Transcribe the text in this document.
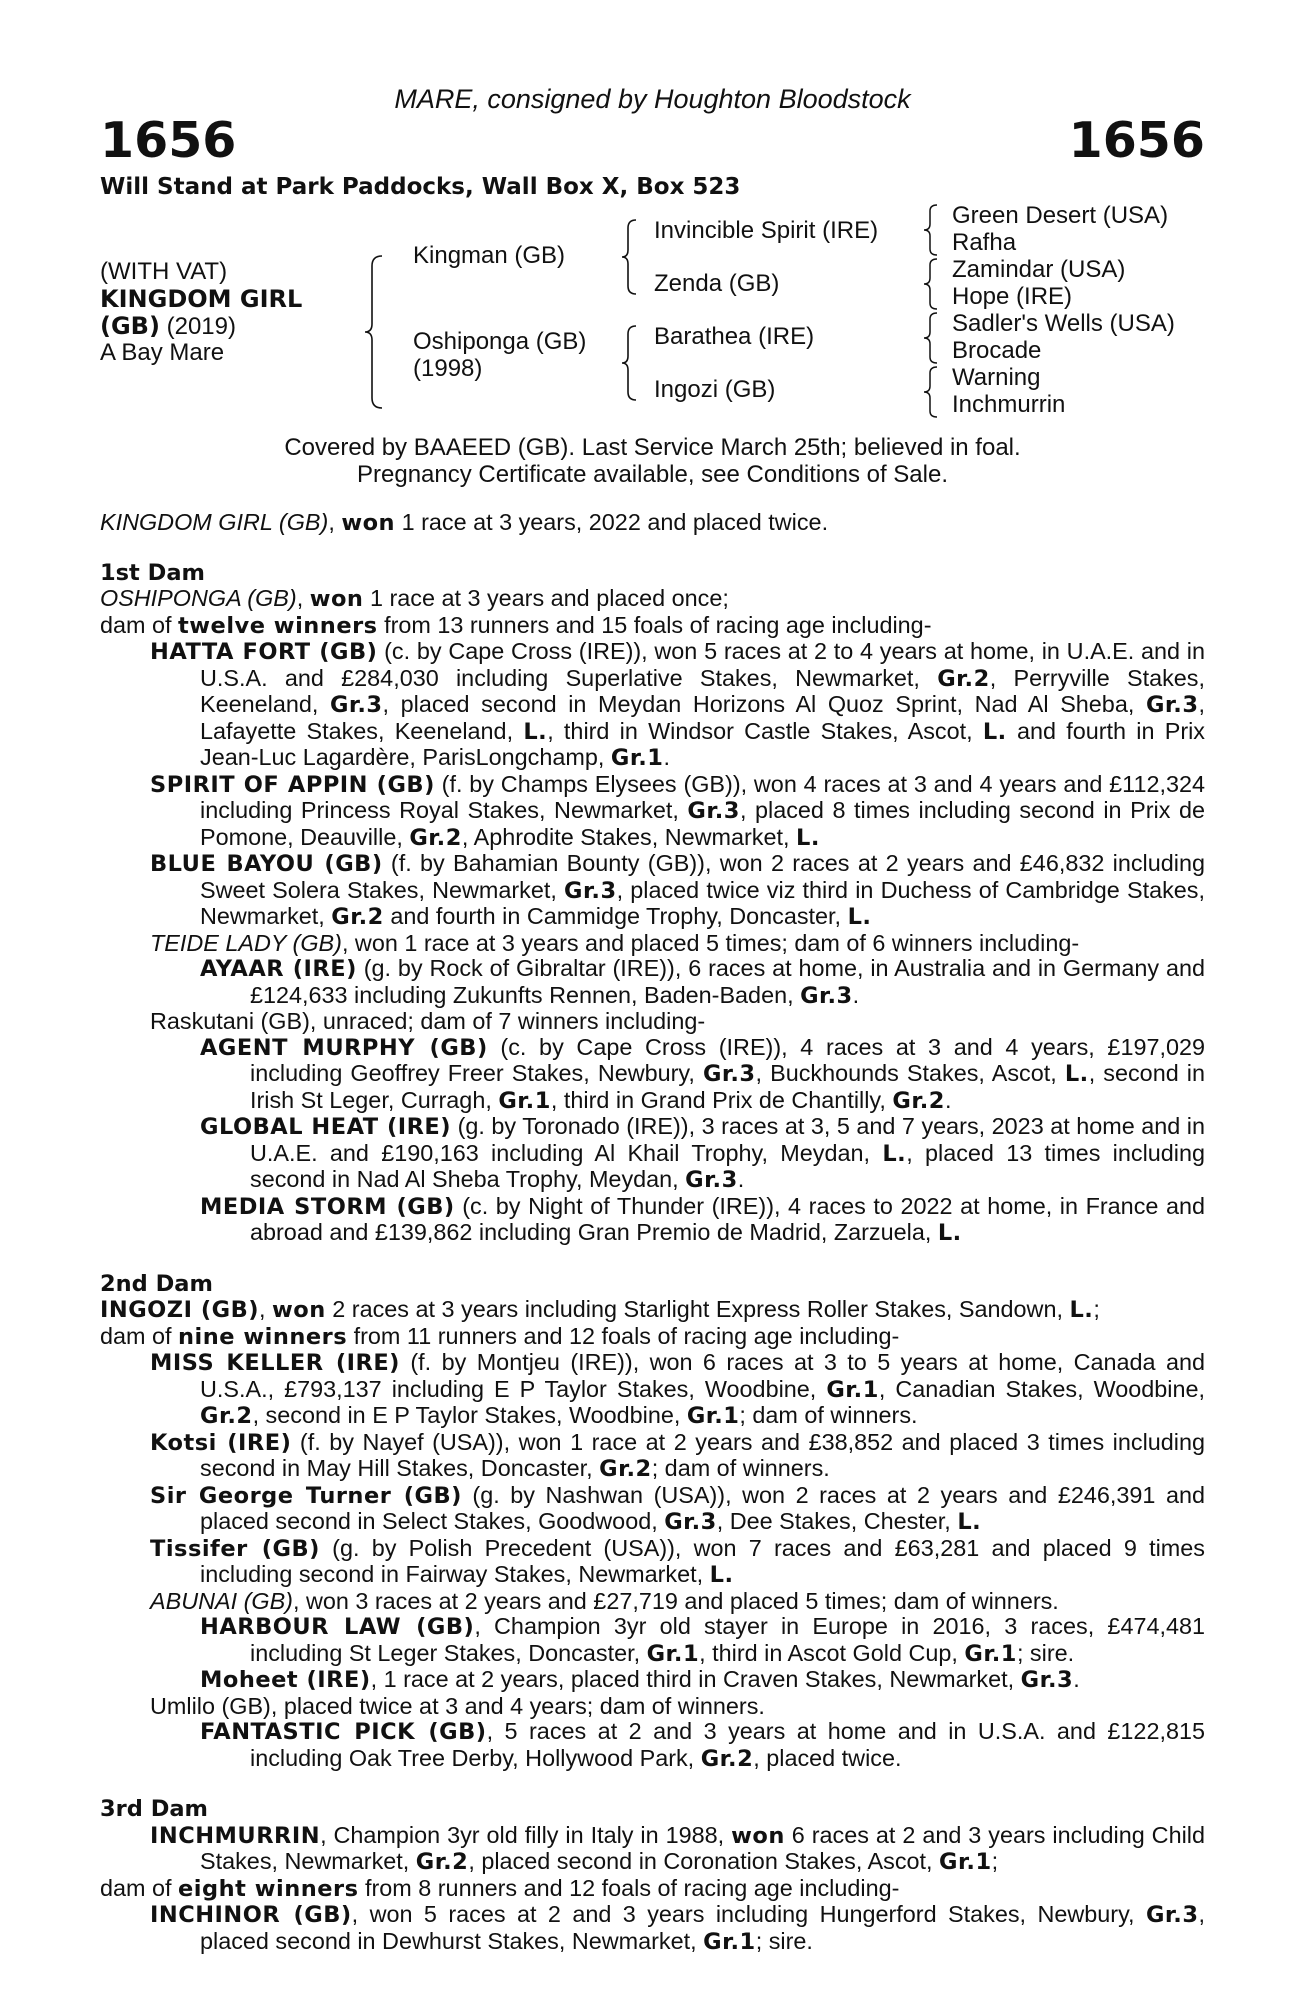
MARE, consigned by Houghton Bloodstock
1656	1656
Will Stand at Park Paddocks, Wall Box X, Box 523
(WITH VAT)
KINGDOM GIRL
(GB) (2019)
A Bay Mare
Kingman (GB)
Oshiponga (GB)
(1998)
Invincible Spirit (IRE)
Zenda (GB)
Barathea (IRE)
Ingozi (GB)
Green Desert (USA)
Rafha
Zamindar (USA)
Hope (IRE)
Sadler's Wells (USA)
Brocade
Warning
Inchmurrin
Covered by BAAEED (GB). Last Service March 25th; believed in foal.
Pregnancy Certificate available, see Conditions of Sale.

KINGDOM GIRL (GB), won 1 race at 3 years, 2022 and placed twice.

1st Dam

OSHIPONGA (GB), won 1 race at 3 years and placed once;

dam of twelve winners from 13 runners and 15 foals of racing age including-

HATTA FORT (GB) (c. by Cape Cross (IRE)), won 5 races at 2 to 4 years at home, in U.A.E. and in U.S.A. and £284,030 including Superlative Stakes, Newmarket, Gr.2, Perryville Stakes, Keeneland, Gr.3, placed second in Meydan Horizons Al Quoz Sprint, Nad Al Sheba, Gr.3, Lafayette Stakes, Keeneland, L., third in Windsor Castle Stakes, Ascot, L. and fourth in Prix Jean-Luc Lagardère, ParisLongchamp, Gr.1.

SPIRIT OF APPIN (GB) (f. by Champs Elysees (GB)), won 4 races at 3 and 4 years and £112,324 including Princess Royal Stakes, Newmarket, Gr.3, placed 8 times including second in Prix de Pomone, Deauville, Gr.2, Aphrodite Stakes, Newmarket, L.

BLUE BAYOU (GB) (f. by Bahamian Bounty (GB)), won 2 races at 2 years and £46,832 including Sweet Solera Stakes, Newmarket, Gr.3, placed twice viz third in Duchess of Cambridge Stakes, Newmarket, Gr.2 and fourth in Cammidge Trophy, Doncaster, L.

TEIDE LADY (GB), won 1 race at 3 years and placed 5 times; dam of 6 winners including-

AYAAR (IRE) (g. by Rock of Gibraltar (IRE)), 6 races at home, in Australia and in Germany and £124,633 including Zukunfts Rennen, Baden-Baden, Gr.3.

Raskutani (GB), unraced; dam of 7 winners including-

AGENT MURPHY (GB) (c. by Cape Cross (IRE)), 4 races at 3 and 4 years, £197,029 including Geoffrey Freer Stakes, Newbury, Gr.3, Buckhounds Stakes, Ascot, L., second in Irish St Leger, Curragh, Gr.1, third in Grand Prix de Chantilly, Gr.2.

GLOBAL HEAT (IRE) (g. by Toronado (IRE)), 3 races at 3, 5 and 7 years, 2023 at home and in U.A.E. and £190,163 including Al Khail Trophy, Meydan, L., placed 13 times including second in Nad Al Sheba Trophy, Meydan, Gr.3.

MEDIA STORM (GB) (c. by Night of Thunder (IRE)), 4 races to 2022 at home, in France and abroad and £139,862 including Gran Premio de Madrid, Zarzuela, L.

2nd Dam

INGOZI (GB), won 2 races at 3 years including Starlight Express Roller Stakes, Sandown, L.;

dam of nine winners from 11 runners and 12 foals of racing age including-

MISS KELLER (IRE) (f. by Montjeu (IRE)), won 6 races at 3 to 5 years at home, Canada and U.S.A., £793,137 including E P Taylor Stakes, Woodbine, Gr.1, Canadian Stakes, Woodbine, Gr.2, second in E P Taylor Stakes, Woodbine, Gr.1; dam of winners.

Kotsi (IRE) (f. by Nayef (USA)), won 1 race at 2 years and £38,852 and placed 3 times including second in May Hill Stakes, Doncaster, Gr.2; dam of winners.

Sir George Turner (GB) (g. by Nashwan (USA)), won 2 races at 2 years and £246,391 and placed second in Select Stakes, Goodwood, Gr.3, Dee Stakes, Chester, L.

Tissifer (GB) (g. by Polish Precedent (USA)), won 7 races and £63,281 and placed 9 times including second in Fairway Stakes, Newmarket, L.

ABUNAI (GB), won 3 races at 2 years and £27,719 and placed 5 times; dam of winners.

HARBOUR LAW (GB), Champion 3yr old stayer in Europe in 2016, 3 races, £474,481 including St Leger Stakes, Doncaster, Gr.1, third in Ascot Gold Cup, Gr.1; sire.

Moheet (IRE), 1 race at 2 years, placed third in Craven Stakes, Newmarket, Gr.3.

Umlilo (GB), placed twice at 3 and 4 years; dam of winners.

FANTASTIC PICK (GB), 5 races at 2 and 3 years at home and in U.S.A. and £122,815 including Oak Tree Derby, Hollywood Park, Gr.2, placed twice.

3rd Dam

INCHMURRIN, Champion 3yr old filly in Italy in 1988, won 6 races at 2 and 3 years including Child Stakes, Newmarket, Gr.2, placed second in Coronation Stakes, Ascot, Gr.1;

dam of eight winners from 8 runners and 12 foals of racing age including-

INCHINOR (GB), won 5 races at 2 and 3 years including Hungerford Stakes, Newbury, Gr.3, placed second in Dewhurst Stakes, Newmarket, Gr.1; sire.
